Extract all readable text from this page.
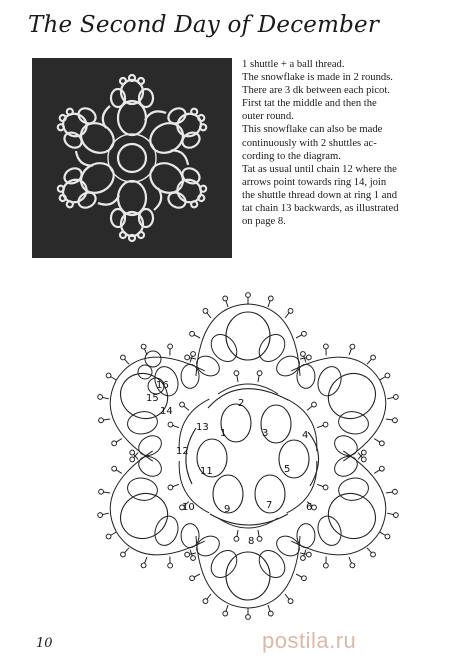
The Second Day of December
1 shuttle + a ball thread.
The snowflake is made in 2 rounds.
There are 3 dk between each picot.
First tat the middle and then the
outer round.
This snowflake can also be made
continuously with 2 shuttles ac-
cording to the diagram.
Tat as usual until chain 12 where the
arrows point towards ring 14, join
the shuttle thread down at ring 1 and
tat chain 13 backwards, as illustrated
on page 8.
1
2
3	4
5
6
7
8
9
10
11
12
13
14
15
16
10	postila.ru
